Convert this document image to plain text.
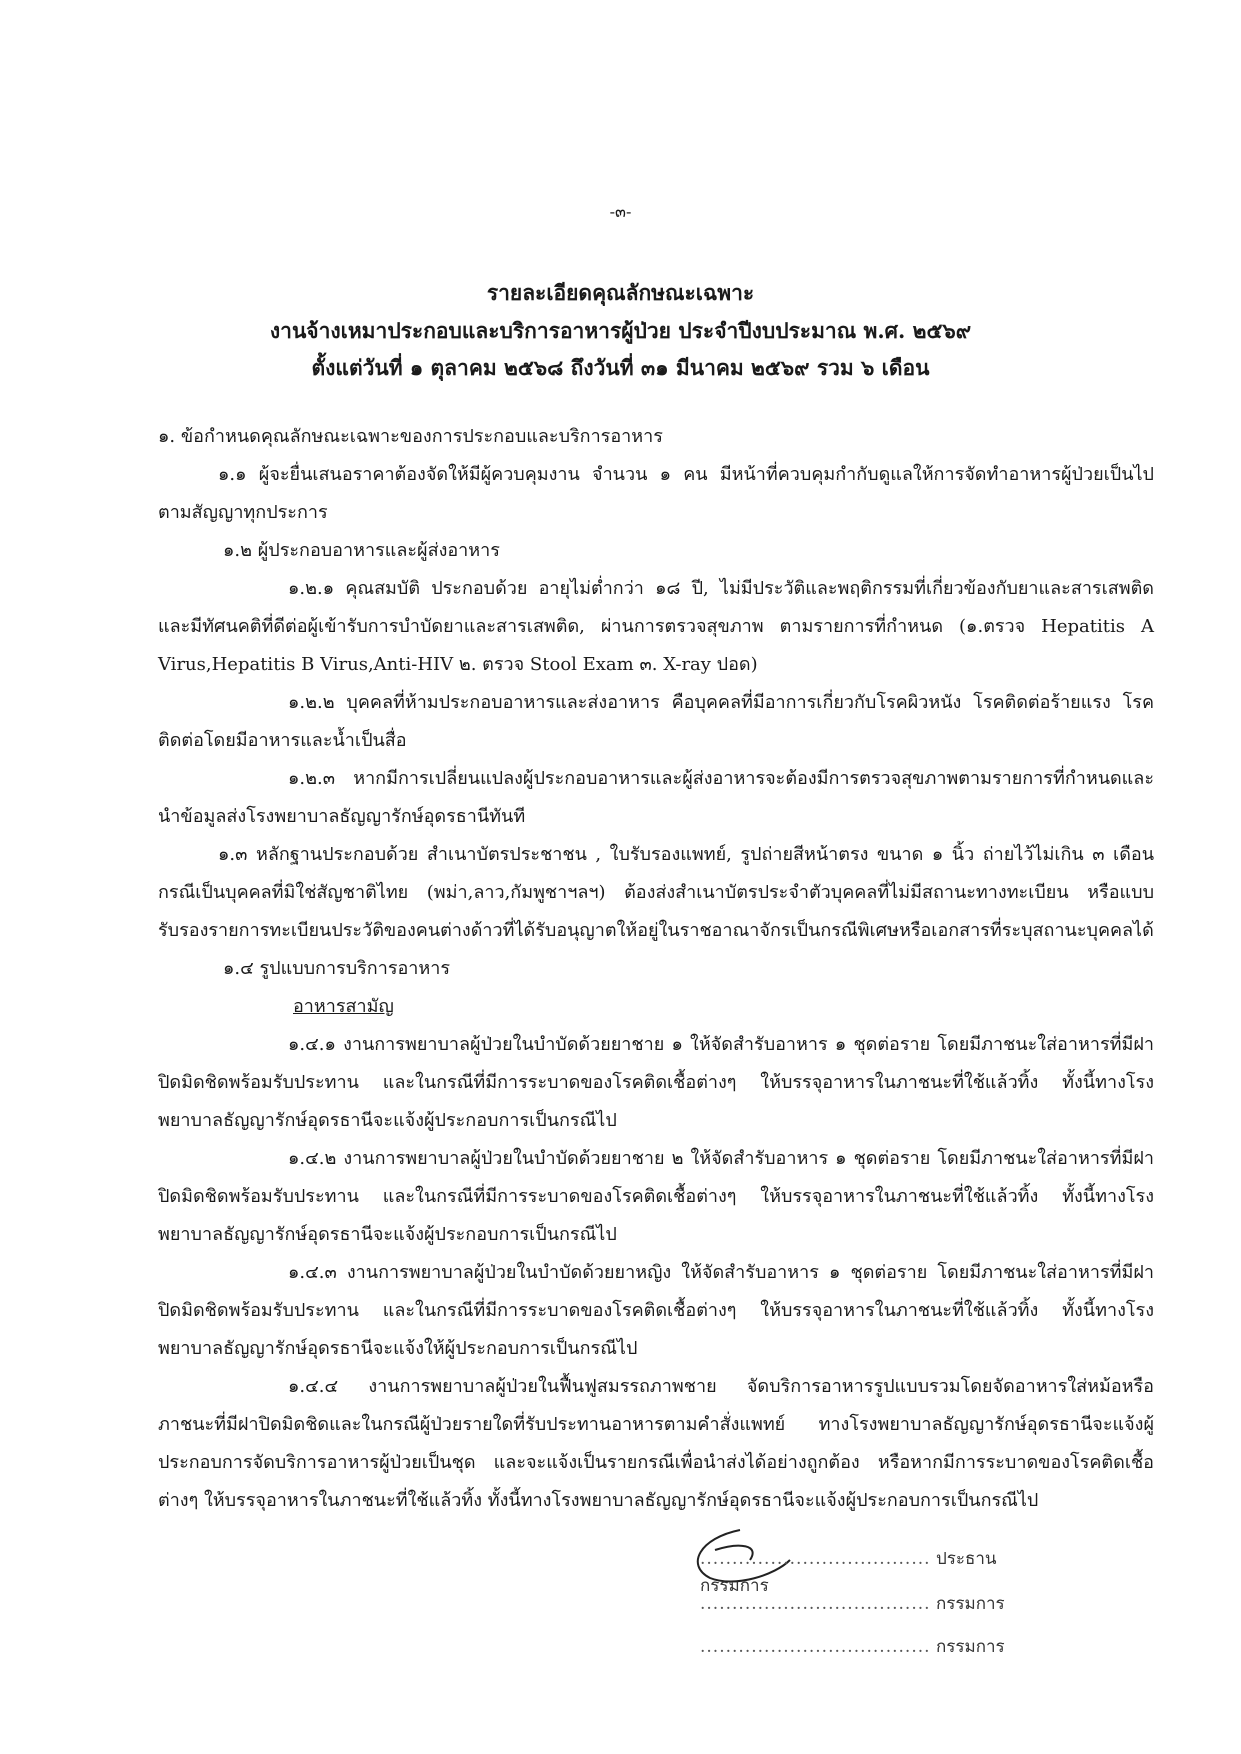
-๓-
รายละเอียดคุณลักษณะเฉพาะ
งานจ้างเหมาประกอบและบริการอาหารผู้ป่วย ประจำปีงบประมาณ พ.ศ. ๒๕๖๙
ตั้งแต่วันที่ ๑ ตุลาคม ๒๕๖๘ ถึงวันที่ ๓๑ มีนาคม ๒๕๖๙ รวม ๖ เดือน

๑. ข้อกำหนดคุณลักษณะเฉพาะของการประกอบและบริการอาหาร

๑.๑ ผู้จะยื่นเสนอราคาต้องจัดให้มีผู้ควบคุมงาน จำนวน ๑ คน มีหน้าที่ควบคุมกำกับดูแลให้การจัดทำอาหารผู้ป่วยเป็นไปตามสัญญาทุกประการ

๑.๒ ผู้ประกอบอาหารและผู้ส่งอาหาร

๑.๒.๑ คุณสมบัติ ประกอบด้วย อายุไม่ต่ำกว่า ๑๘ ปี, ไม่มีประวัติและพฤติกรรมที่เกี่ยวข้องกับยาและสารเสพติด และมีทัศนคติที่ดีต่อผู้เข้ารับการบำบัดยาและสารเสพติด, ผ่านการตรวจสุขภาพ ตามรายการที่กำหนด (๑.ตรวจ Hepatitis A Virus,Hepatitis B Virus,Anti-HIV ๒. ตรวจ Stool Exam ๓. X-ray ปอด)

๑.๒.๒ บุคคลที่ห้ามประกอบอาหารและส่งอาหาร คือบุคคลที่มีอาการเกี่ยวกับโรคผิวหนัง โรคติดต่อร้ายแรง โรคติดต่อโดยมีอาหารและน้ำเป็นสื่อ

๑.๒.๓ หากมีการเปลี่ยนแปลงผู้ประกอบอาหารและผู้ส่งอาหารจะต้องมีการตรวจสุขภาพตามรายการที่กำหนดและนำข้อมูลส่งโรงพยาบาลธัญญารักษ์อุดรธานีทันที

๑.๓ หลักฐานประกอบด้วย สำเนาบัตรประชาชน , ใบรับรองแพทย์, รูปถ่ายสีหน้าตรง ขนาด ๑ นิ้ว ถ่ายไว้ไม่เกิน ๓ เดือน กรณีเป็นบุคคลที่มิใช่สัญชาติไทย (พม่า,ลาว,กัมพูชาฯลฯ) ต้องส่งสำเนาบัตรประจำตัวบุคคลที่ไม่มีสถานะทางทะเบียน หรือแบบรับรองรายการทะเบียนประวัติของคนต่างด้าวที่ได้รับอนุญาตให้อยู่ในราชอาณาจักรเป็นกรณีพิเศษหรือเอกสารที่ระบุสถานะบุคคลได้

๑.๔ รูปแบบการบริการอาหาร

อาหารสามัญ

๑.๔.๑ งานการพยาบาลผู้ป่วยในบำบัดด้วยยาชาย ๑ ให้จัดสำรับอาหาร ๑ ชุดต่อราย โดยมีภาชนะใส่อาหารที่มีฝาปิดมิดชิดพร้อมรับประทาน และในกรณีที่มีการระบาดของโรคติดเชื้อต่างๆ ให้บรรจุอาหารในภาชนะที่ใช้แล้วทิ้ง ทั้งนี้ทางโรงพยาบาลธัญญารักษ์อุดรธานีจะแจ้งผู้ประกอบการเป็นกรณีไป

๑.๔.๒ งานการพยาบาลผู้ป่วยในบำบัดด้วยยาชาย ๒ ให้จัดสำรับอาหาร ๑ ชุดต่อราย โดยมีภาชนะใส่อาหารที่มีฝาปิดมิดชิดพร้อมรับประทาน และในกรณีที่มีการระบาดของโรคติดเชื้อต่างๆ ให้บรรจุอาหารในภาชนะที่ใช้แล้วทิ้ง ทั้งนี้ทางโรงพยาบาลธัญญารักษ์อุดรธานีจะแจ้งผู้ประกอบการเป็นกรณีไป

๑.๔.๓ งานการพยาบาลผู้ป่วยในบำบัดด้วยยาหญิง ให้จัดสำรับอาหาร ๑ ชุดต่อราย โดยมีภาชนะใส่อาหารที่มีฝาปิดมิดชิดพร้อมรับประทาน และในกรณีที่มีการระบาดของโรคติดเชื้อต่างๆ ให้บรรจุอาหารในภาชนะที่ใช้แล้วทิ้ง ทั้งนี้ทางโรงพยาบาลธัญญารักษ์อุดรธานีจะแจ้งให้ผู้ประกอบการเป็นกรณีไป

๑.๔.๔ งานการพยาบาลผู้ป่วยในฟื้นฟูสมรรถภาพชาย จัดบริการอาหารรูปแบบรวมโดยจัดอาหารใส่หม้อหรือภาชนะที่มีฝาปิดมิดชิดและในกรณีผู้ป่วยรายใดที่รับประทานอาหารตามคำสั่งแพทย์ ทางโรงพยาบาลธัญญารักษ์อุดรธานีจะแจ้งผู้ประกอบการจัดบริการอาหารผู้ป่วยเป็นชุด และจะแจ้งเป็นรายกรณีเพื่อนำส่งได้อย่างถูกต้อง หรือหากมีการระบาดของโรคติดเชื้อต่างๆ ให้บรรจุอาหารในภาชนะที่ใช้แล้วทิ้ง ทั้งนี้ทางโรงพยาบาลธัญญารักษ์อุดรธานีจะแจ้งผู้ประกอบการเป็นกรณีไป

.................................... ประธานกรรมการ
.................................... กรรมการ
.................................... กรรมการ
